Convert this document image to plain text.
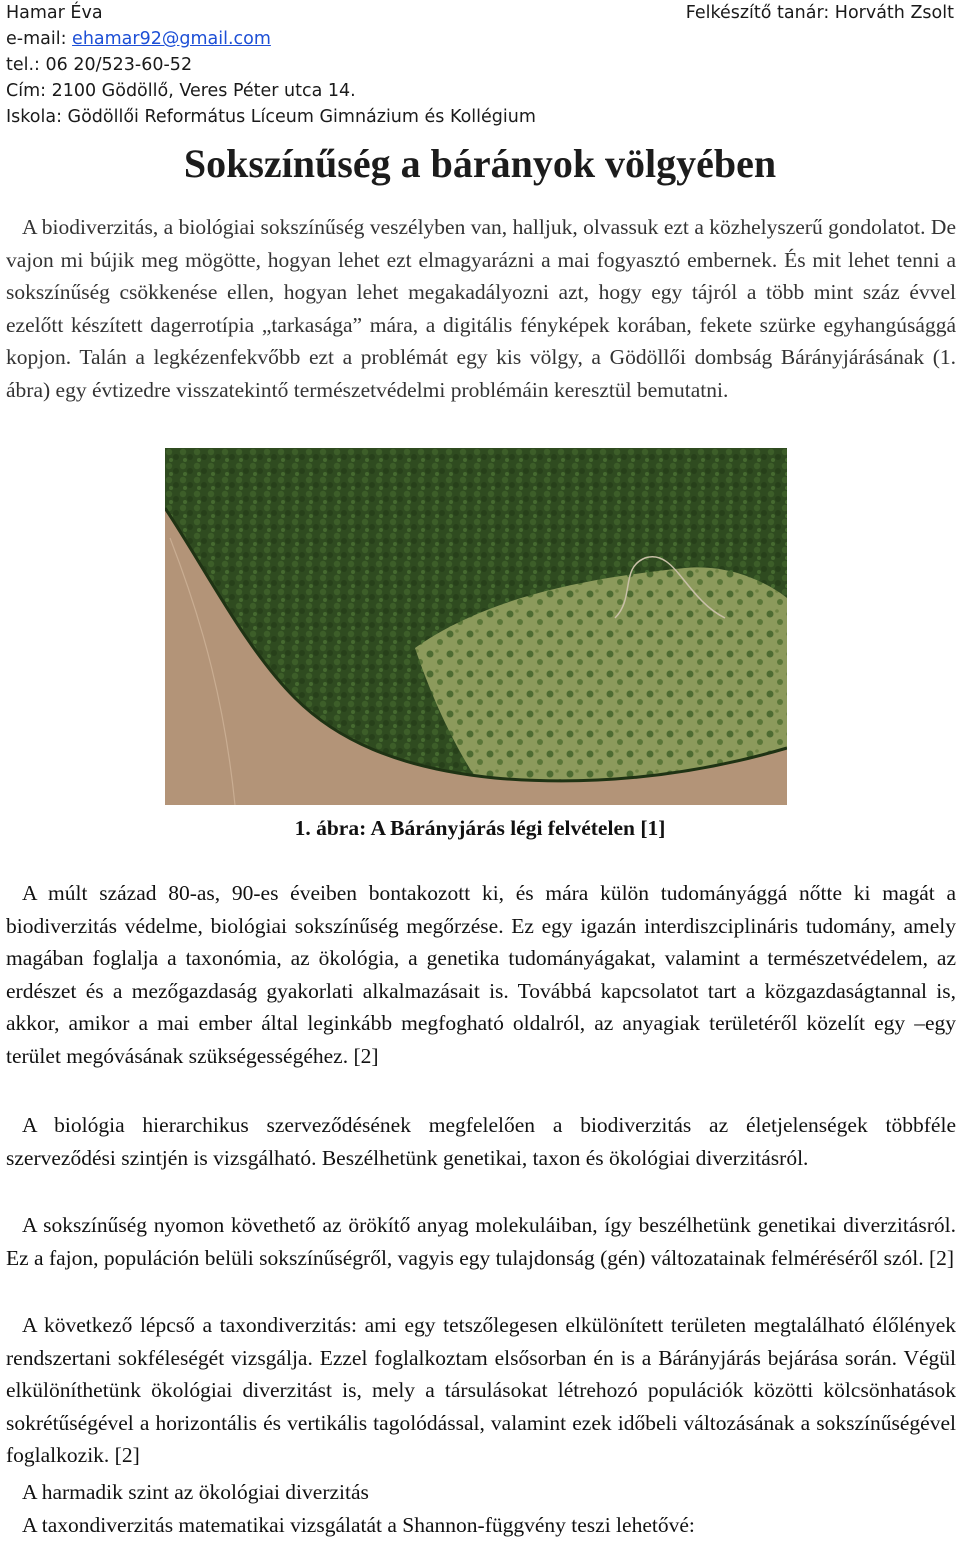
Hamar Éva
e-mail: ehamar92@gmail.com
tel.: 06 20/523-60-52
Cím: 2100 Gödöllő, Veres Péter utca 14.
Iskola: Gödöllői Református Líceum Gimnázium és Kollégium
Felkészítő tanár: Horváth Zsolt
Sokszínűség a bárányok völgyében
A biodiverzitás, a biológiai sokszínűség veszélyben van, halljuk, olvassuk ezt a közhelyszerű gondolatot. De vajon mi bújik meg mögötte, hogyan lehet ezt elmagyarázni a mai fogyasztó embernek. És mit lehet tenni a sokszínűség csökkenése ellen, hogyan lehet megakadályozni azt, hogy egy tájról a több mint száz évvel ezelőtt készített dagerrotípia „tarkasága” mára, a digitális fényképek korában, fekete szürke egyhangúsággá kopjon. Talán a legkézenfekvőbb ezt a problémát egy kis völgy, a Gödöllői dombság Bárányjárásának (1. ábra) egy évtizedre visszatekintő természetvédelmi problémáin keresztül bemutatni.
1. ábra: A Bárányjárás légi felvételen [1]
A múlt század 80-as, 90-es éveiben bontakozott ki, és mára külön tudományággá nőtte ki magát a biodiverzitás védelme, biológiai sokszínűség megőrzése. Ez egy igazán interdiszciplináris tudomány, amely magában foglalja a taxonómia, az ökológia, a genetika tudományágakat, valamint a természetvédelem, az erdészet és a mezőgazdaság gyakorlati alkalmazásait is. Továbbá kapcsolatot tart a közgazdaságtannal is, akkor, amikor a mai ember által leginkább megfogható oldalról, az anyagiak területéről közelít egy –egy terület megóvásának szükségességéhez. [2]
A biológia hierarchikus szerveződésének megfelelően a biodiverzitás az életjelenségek többféle szerveződési szintjén is vizsgálható. Beszélhetünk genetikai, taxon és ökológiai diverzitásról.
A sokszínűség nyomon követhető az örökítő anyag molekuláiban, így beszélhetünk genetikai diverzitásról. Ez a fajon, populáción belüli sokszínűségről, vagyis egy tulajdonság (gén) változatainak felméréséről szól. [2]
A következő lépcső a taxondiverzitás: ami egy tetszőlegesen elkülönített területen megtalálható élőlények rendszertani sokféleségét vizsgálja. Ezzel foglalkoztam elsősorban én is a Bárányjárás bejárása során. Végül elkülöníthetünk ökológiai diverzitást is, mely a társulásokat létrehozó populációk közötti kölcsönhatások sokrétűségével a horizontális és vertikális tagolódással, valamint ezek időbeli változásának a sokszínűségével foglalkozik. [2]
A harmadik szint az ökológiai diverzitás
A taxondiverzitás matematikai vizsgálatát a Shannon-függvény teszi lehetővé:
